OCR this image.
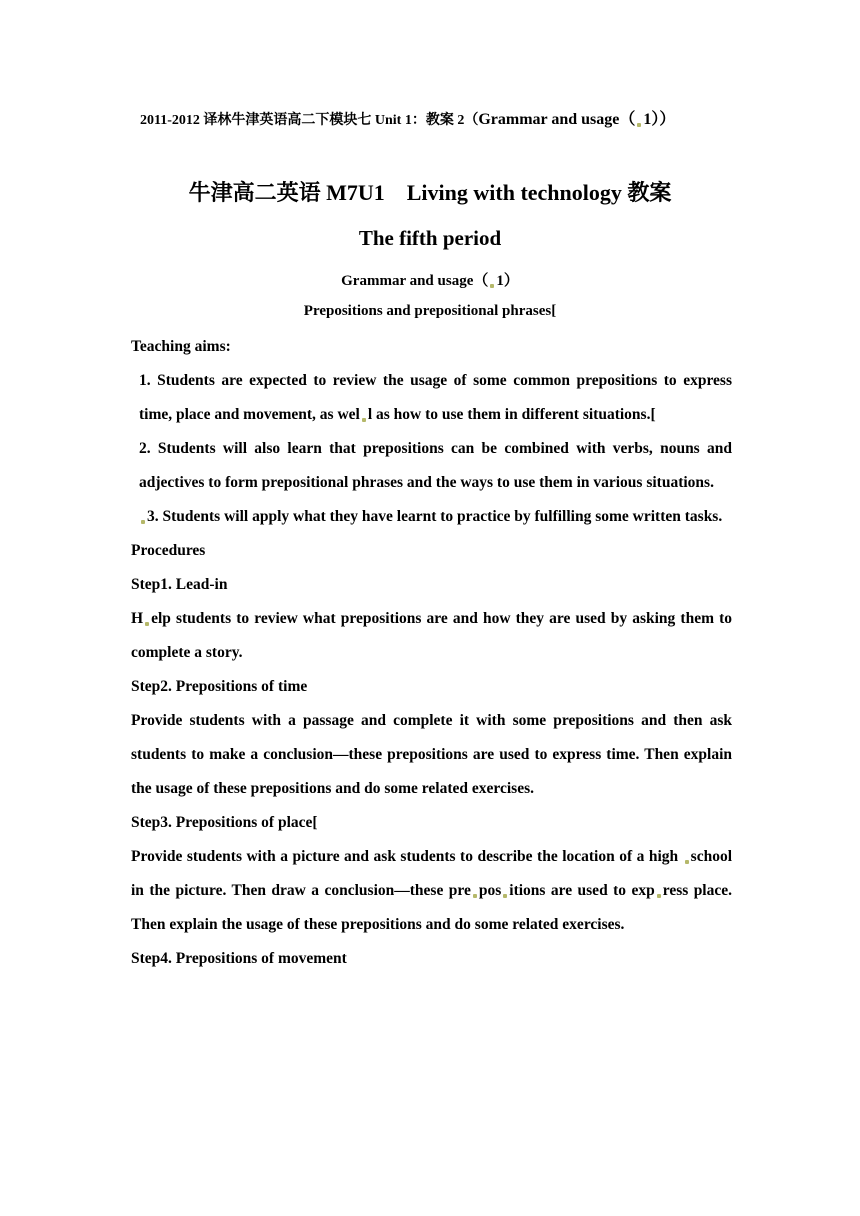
2011-2012 译林牛津英语高二下模块七 Unit 1：教案 2（Grammar and usage（ 1））
牛津高二英语 M7U1　Living with technology 教案
The fifth period
Grammar and usage（ 1）
Prepositions and prepositional phrases[

Teaching aims:

1. Students are expected to review the usage of some common prepositions to express time, place and movement, as wel l as how to use them in different situations.[

2. Students will also learn that prepositions can be combined with verbs, nouns and adjectives to form prepositional phrases and the ways to use them in various situations.

3. Students will apply what they have learnt to practice by fulfilling some written tasks.

Procedures

Step1. Lead-in

H elp students to review what prepositions are and how they are used by asking them to complete a story.

Step2. Prepositions of time

Provide students with a passage and complete it with some prepositions and then ask students to make a conclusion—these prepositions are used to express time. Then explain the usage of these prepositions and do some related exercises.

Step3. Prepositions of place[

Provide students with a picture and ask students to describe the location of a high school in the picture. Then draw a conclusion—these pre pos itions are used to exp ress place. Then explain the usage of these prepositions and do some related exercises.

Step4. Prepositions of movement
